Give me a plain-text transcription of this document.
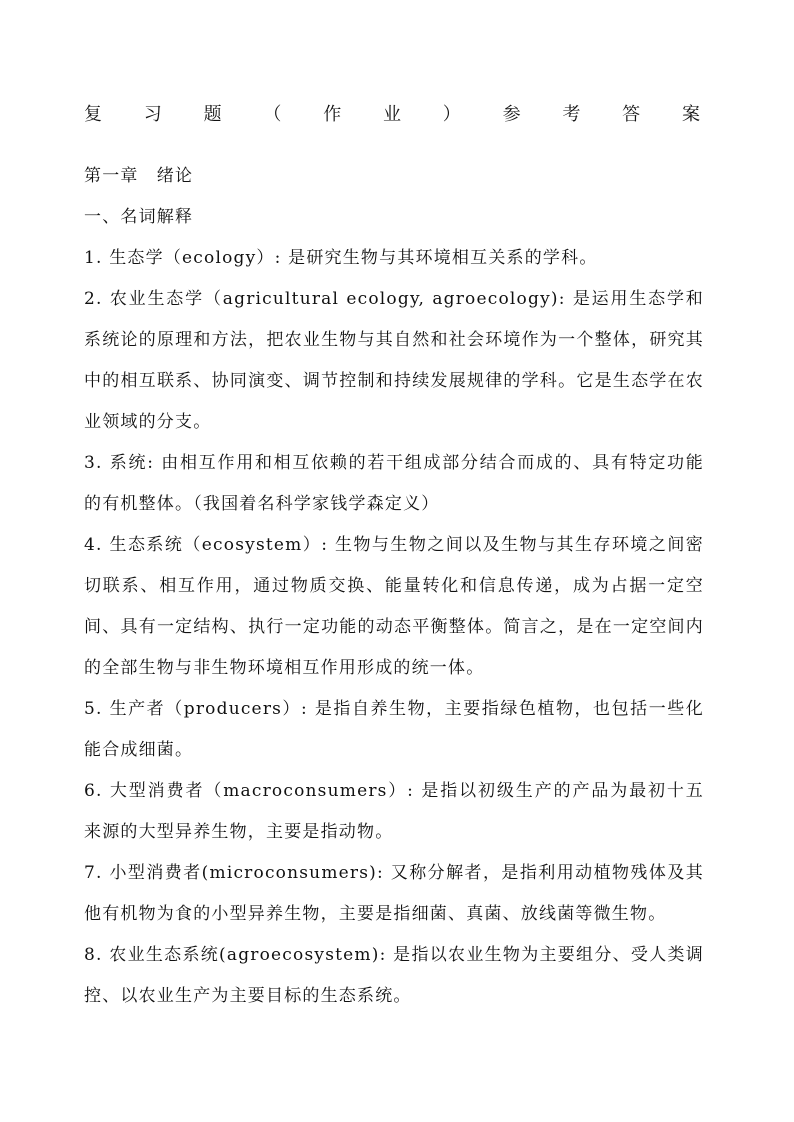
复 习 题 （ 作 业 ） 参 考 答 案

第一章　绪论

一、名词解释

1. 生态学（ecology）: 是研究生物与其环境相互关系的学科。

2. 农业生态学（agricultural ecology, agroecology): 是运用生态学和系统论的原理和方法，把农业生物与其自然和社会环境作为一个整体，研究其中的相互联系、协同演变、调节控制和持续发展规律的学科。它是生态学在农业领域的分支。

3. 系统: 由相互作用和相互依赖的若干组成部分结合而成的、具有特定功能的有机整体。（我国着名科学家钱学森定义）

4. 生态系统（ecosystem）: 生物与生物之间以及生物与其生存环境之间密切联系、相互作用，通过物质交换、能量转化和信息传递，成为占据一定空间、具有一定结构、执行一定功能的动态平衡整体。简言之，是在一定空间内的全部生物与非生物环境相互作用形成的统一体。

5. 生产者（producers）: 是指自养生物，主要指绿色植物，也包括一些化能合成细菌。

6. 大型消费者（macroconsumers）: 是指以初级生产的产品为最初十五来源的大型异养生物，主要是指动物。

7. 小型消费者(microconsumers): 又称分解者，是指利用动植物残体及其他有机物为食的小型异养生物，主要是指细菌、真菌、放线菌等微生物。

8. 农业生态系统(agroecosystem): 是指以农业生物为主要组分、受人类调控、以农业生产为主要目标的生态系统。
